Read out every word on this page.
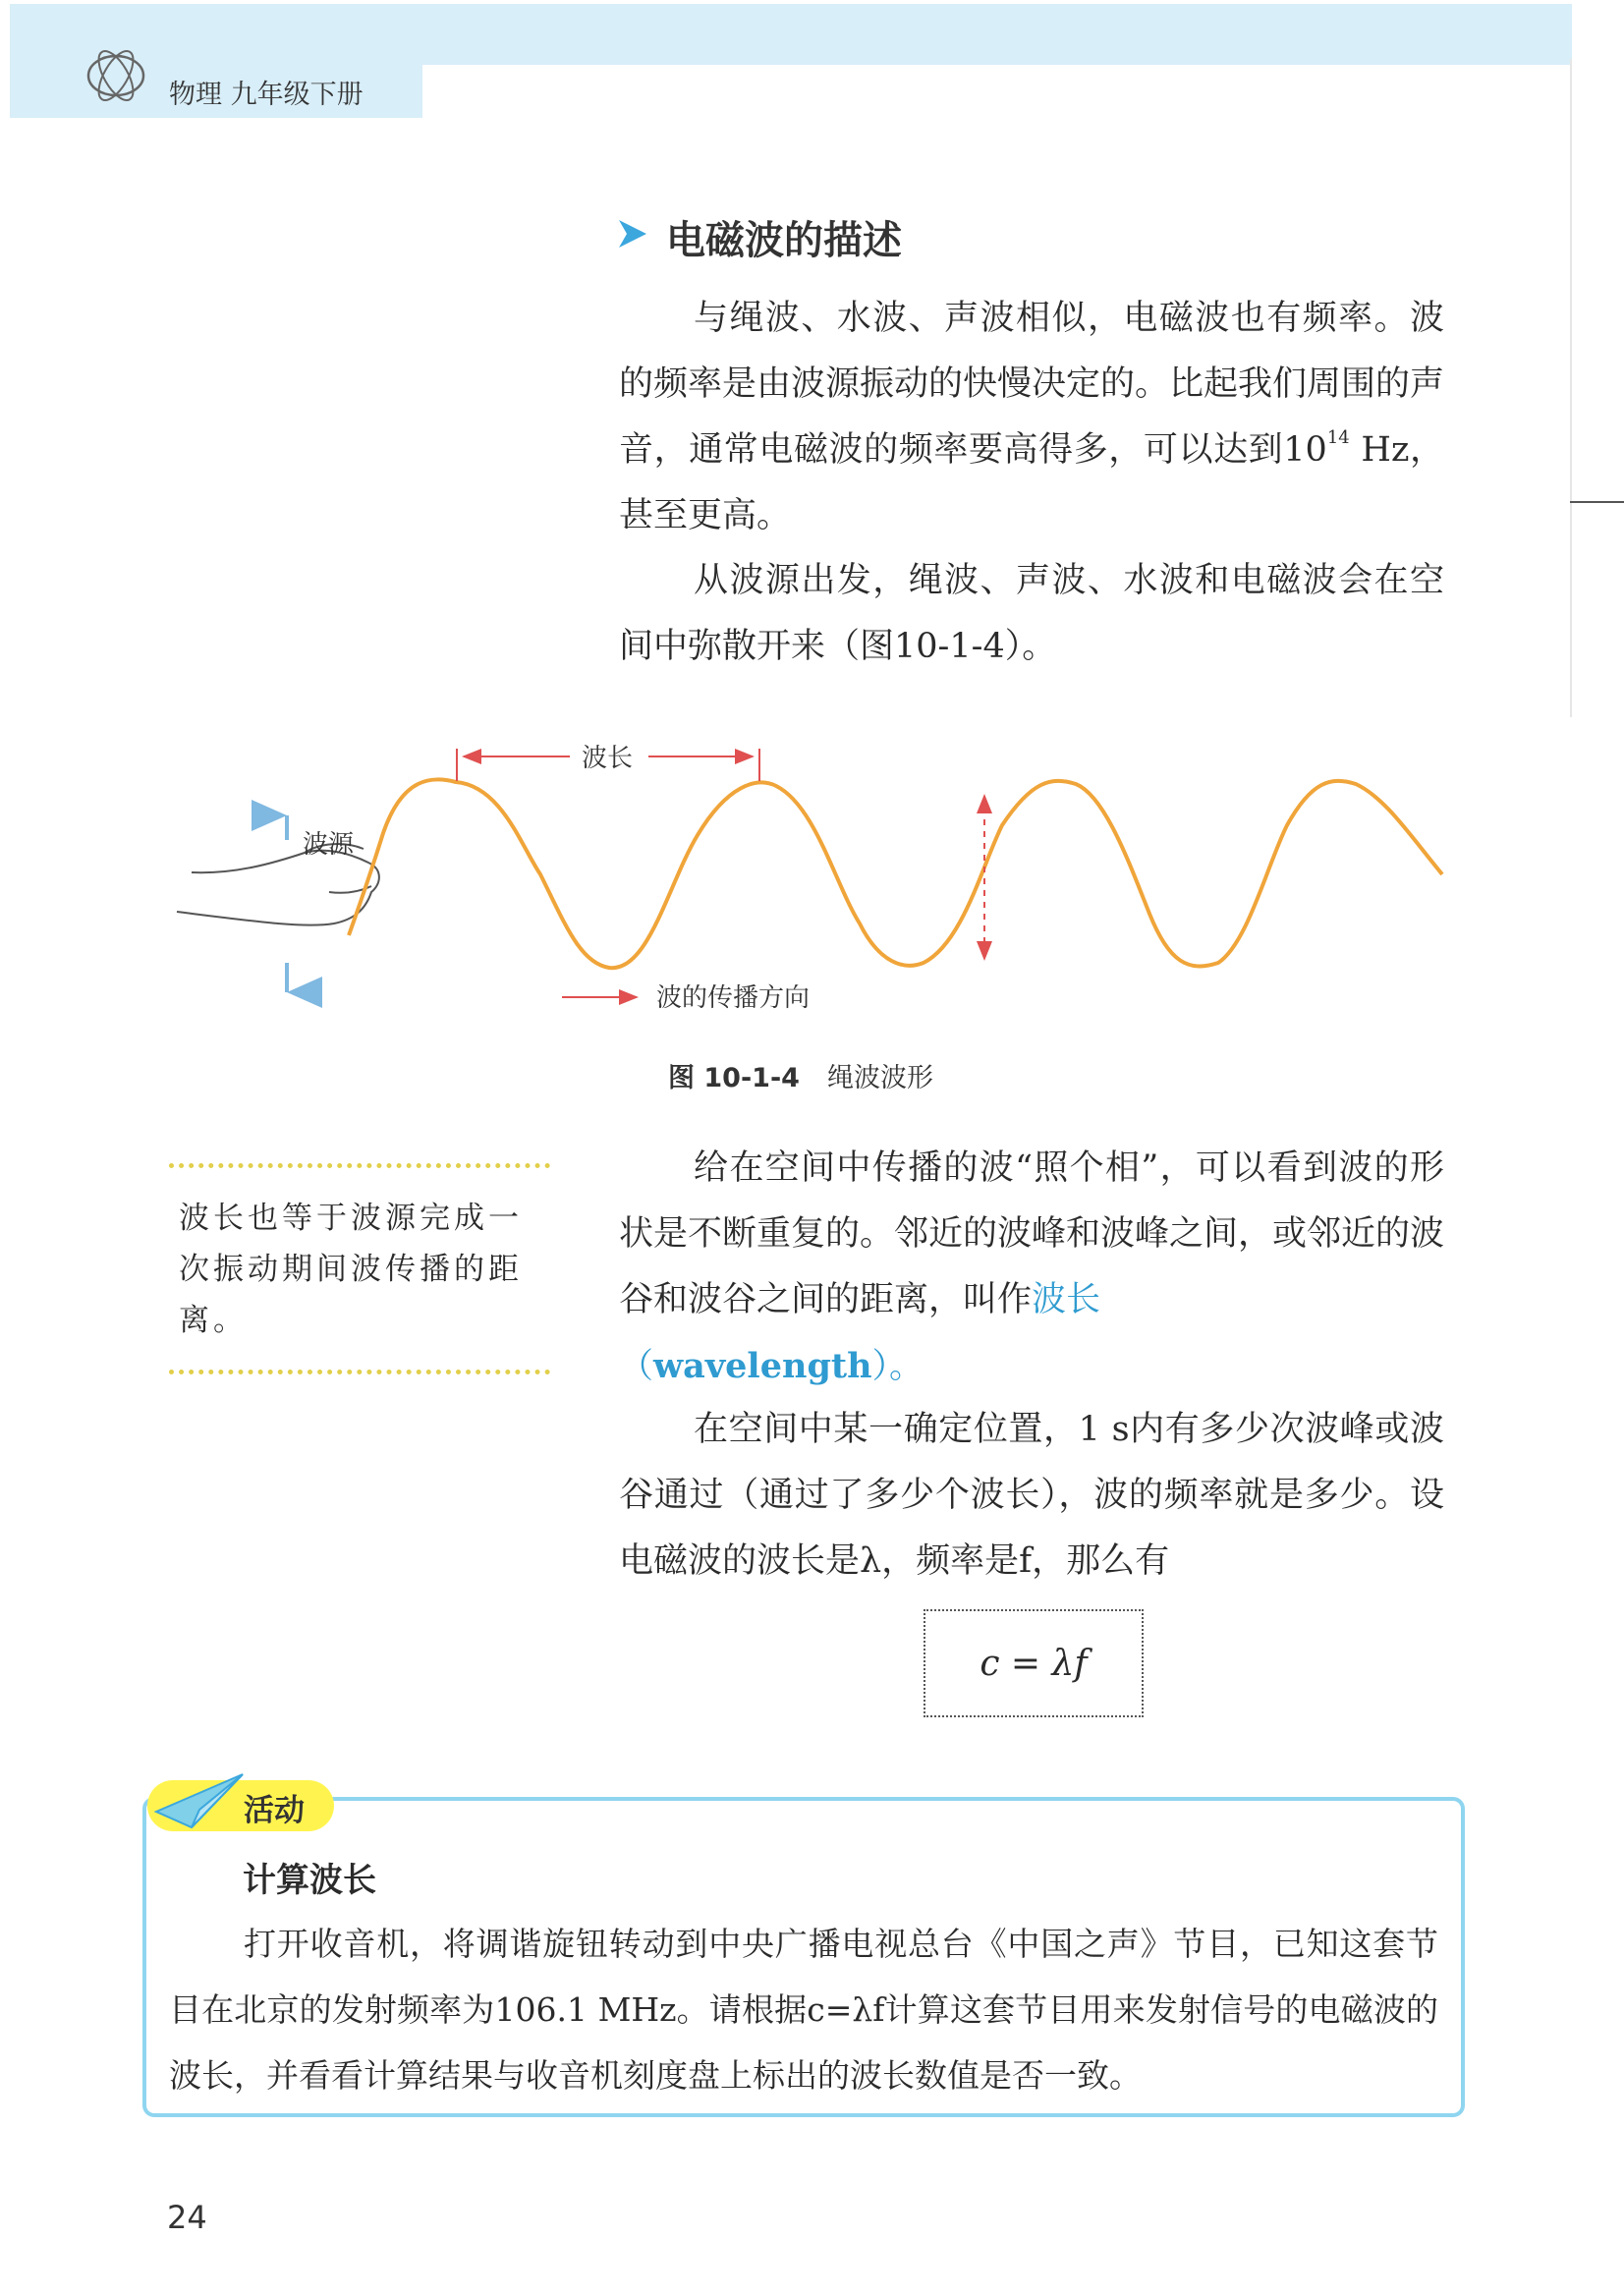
物理 九年级下册
电磁波的描述
与绳波、水波、声波相似，电磁波也有频率。波的频率是由波源振动的快慢决定的。比起我们周围的声音，通常电磁波的频率要高得多，可以达到$10^{14}$ Hz，甚至更高。
从波源出发，绳波、声波、水波和电磁波会在空间中弥散开来（图10-1-4）。
波长
波源
波的传播方向
图 10-1-4 绳波波形
波长也等于波源完成一次振动期间波传播的距离。
给在空间中传播的波“照个相”，可以看到波的形状是不断重复的。邻近的波峰和波峰之间，或邻近的波谷和波谷之间的距离，叫作波长
（wavelength）。
在空间中某一确定位置，1 s内有多少次波峰或波谷通过（通过了多少个波长），波的频率就是多少。设电磁波的波长是λ，频率是f，那么有
c = λf
活动
计算波长
打开收音机，将调谐旋钮转动到中央广播电视总台《中国之声》节目，已知这套节目在北京的发射频率为106.1 MHz。请根据c=λf计算这套节目用来发射信号的电磁波的波长，并看看计算结果与收音机刻度盘上标出的波长数值是否一致。
24
